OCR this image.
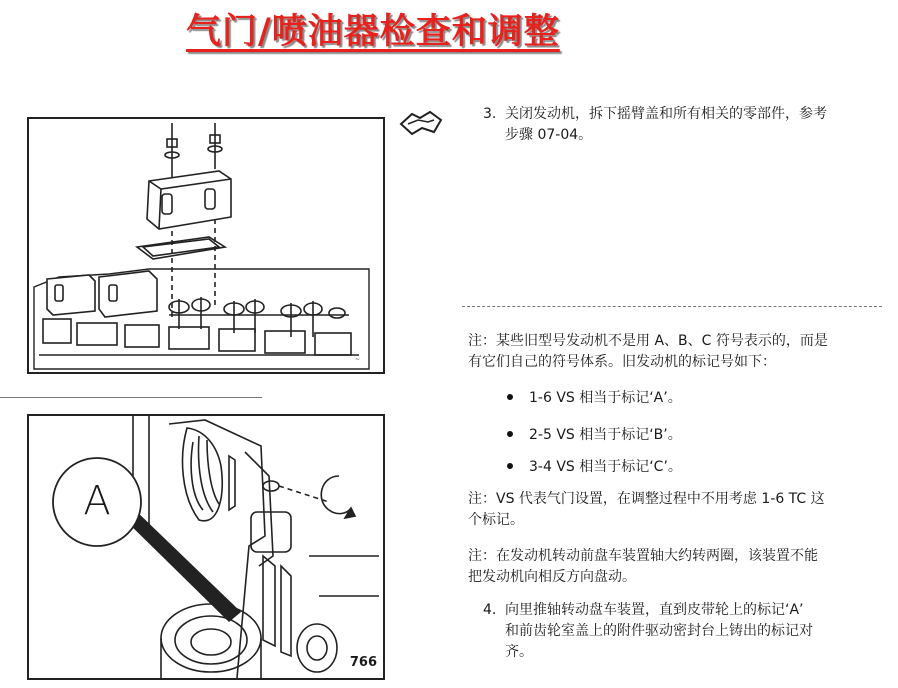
气门/喷油器检查和调整
~
3. 关闭发动机，拆下摇臂盖和所有相关的零部件，参考
步骤 07-04。
注：某些旧型号发动机不是用 A、B、C 符号表示的，而是
有它们自己的符号体系。旧发动机的标记号如下：
1-6 VS 相当于标记‘A’。
2-5 VS 相当于标记‘B’。
3-4 VS 相当于标记‘C’。
注：VS 代表气门设置，在调整过程中不用考虑 1-6 TC 这
个标记。
注：在发动机转动前盘车装置轴大约转两圈，该装置不能
把发动机向相反方向盘动。
4. 向里推轴转动盘车装置，直到皮带轮上的标记‘A’
和前齿轮室盖上的附件驱动密封台上铸出的标记对
齐。
A
766
